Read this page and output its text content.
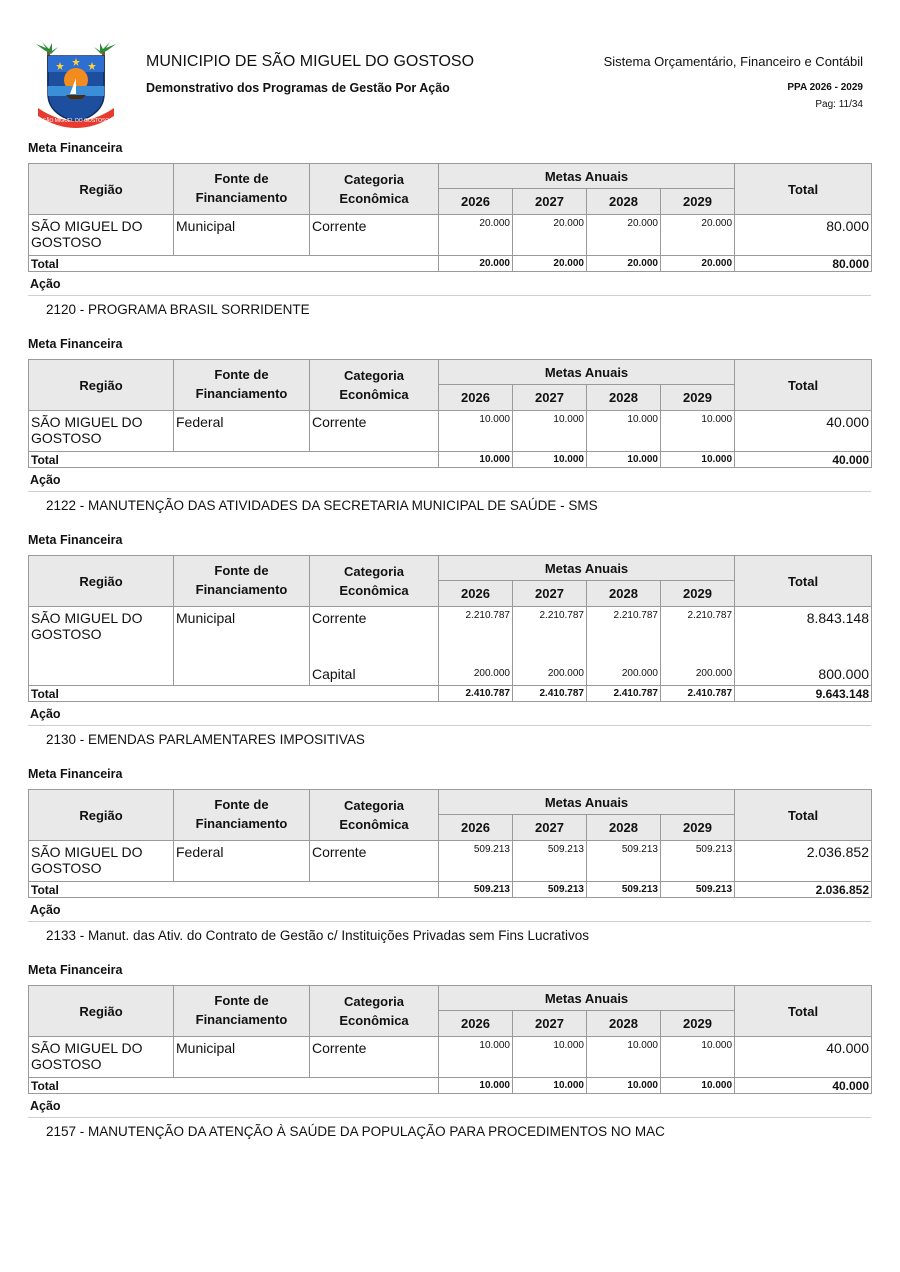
SÃO MIGUEL DO GOSTOSO
MUNICIPIO DE SÃO MIGUEL DO GOSTOSO
Demonstrativo dos Programas de Gestão Por Ação
Sistema Orçamentário, Financeiro e Contábil
PPA 2026 - 2029
Pag: 11/34
Meta Financeira
Região	Fonte de Financiamento	Categoria Econômica	Metas Anuais				Total
			2026	2027	2028	2029	
SÃO MIGUEL DO GOSTOSO	Municipal	Corrente	20.000	20.000	20.000	20.000	80.000
Total			20.000	20.000	20.000	20.000	80.000
Ação
2120 - PROGRAMA BRASIL SORRIDENTE
Meta Financeira
Região	Fonte de Financiamento	Categoria Econômica	Metas Anuais				Total
			2026	2027	2028	2029	
SÃO MIGUEL DO GOSTOSO	Federal	Corrente	10.000	10.000	10.000	10.000	40.000
Total			10.000	10.000	10.000	10.000	40.000
Ação
2122 - MANUTENÇÃO DAS ATIVIDADES DA SECRETARIA MUNICIPAL DE SAÚDE - SMS
Meta Financeira
Região	Fonte de Financiamento	Categoria Econômica	Metas Anuais				Total
			2026	2027	2028	2029	
SÃO MIGUEL DO GOSTOSO	Municipal	Corrente	2.210.787	2.210.787	2.210.787	2.210.787	8.843.148
		Capital	200.000	200.000	200.000	200.000	800.000
Total			2.410.787	2.410.787	2.410.787	2.410.787	9.643.148
Ação
2130 - EMENDAS PARLAMENTARES IMPOSITIVAS
Meta Financeira
Região	Fonte de Financiamento	Categoria Econômica	Metas Anuais				Total
			2026	2027	2028	2029	
SÃO MIGUEL DO GOSTOSO	Federal	Corrente	509.213	509.213	509.213	509.213	2.036.852
Total			509.213	509.213	509.213	509.213	2.036.852
Ação
2133 - Manut. das Ativ. do Contrato de Gestão c/ Instituições Privadas sem Fins Lucrativos
Meta Financeira
Região	Fonte de Financiamento	Categoria Econômica	Metas Anuais				Total
			2026	2027	2028	2029	
SÃO MIGUEL DO GOSTOSO	Municipal	Corrente	10.000	10.000	10.000	10.000	40.000
Total			10.000	10.000	10.000	10.000	40.000
Ação
2157 - MANUTENÇÃO DA ATENÇÃO À SAÚDE DA POPULAÇÃO PARA PROCEDIMENTOS NO MAC
